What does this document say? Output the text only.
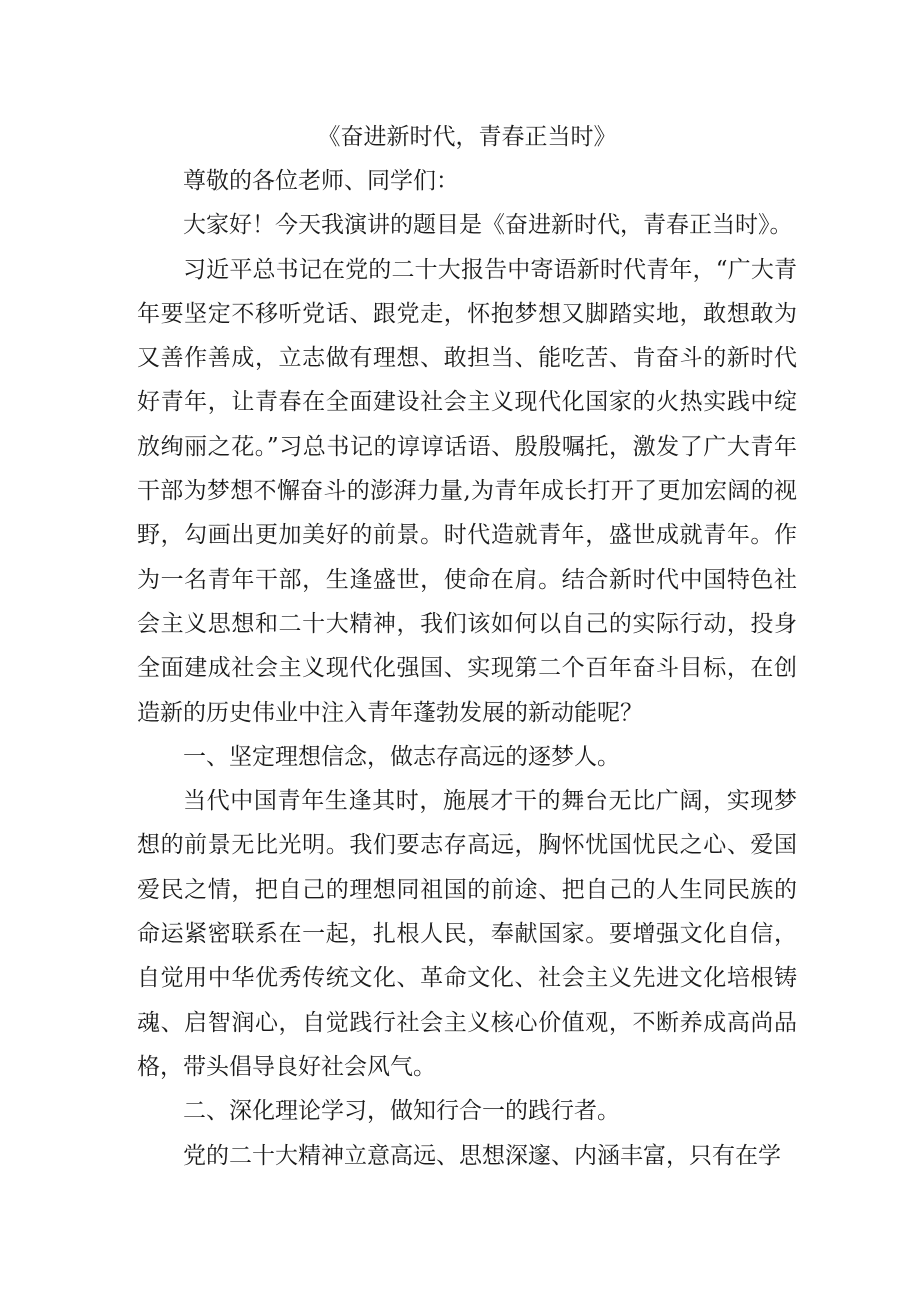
《奋进新时代，青春正当时》

尊敬的各位老师、同学们：

大家好！今天我演讲的题目是《奋进新时代，青春正当时》。

习近平总书记在党的二十大报告中寄语新时代青年，“广大青年要坚定不移听党话、跟党走，怀抱梦想又脚踏实地，敢想敢为又善作善成，立志做有理想、敢担当、能吃苦、肯奋斗的新时代好青年，让青春在全面建设社会主义现代化国家的火热实践中绽放绚丽之花。”习总书记的谆谆话语、殷殷嘱托，激发了广大青年干部为梦想不懈奋斗的澎湃力量,为青年成长打开了更加宏阔的视野，勾画出更加美好的前景。时代造就青年，盛世成就青年。作为一名青年干部，生逢盛世，使命在肩。结合新时代中国特色社会主义思想和二十大精神，我们该如何以自己的实际行动，投身全面建成社会主义现代化强国、实现第二个百年奋斗目标，在创造新的历史伟业中注入青年蓬勃发展的新动能呢？

一、坚定理想信念，做志存高远的逐梦人。

当代中国青年生逢其时，施展才干的舞台无比广阔，实现梦想的前景无比光明。我们要志存高远，胸怀忧国忧民之心、爱国爱民之情，把自己的理想同祖国的前途、把自己的人生同民族的命运紧密联系在一起，扎根人民，奉献国家。要增强文化自信，自觉用中华优秀传统文化、革命文化、社会主义先进文化培根铸魂、启智润心，自觉践行社会主义核心价值观，不断养成高尚品格，带头倡导良好社会风气。

二、深化理论学习，做知行合一的践行者。

党的二十大精神立意高远、思想深邃、内涵丰富，只有在学
